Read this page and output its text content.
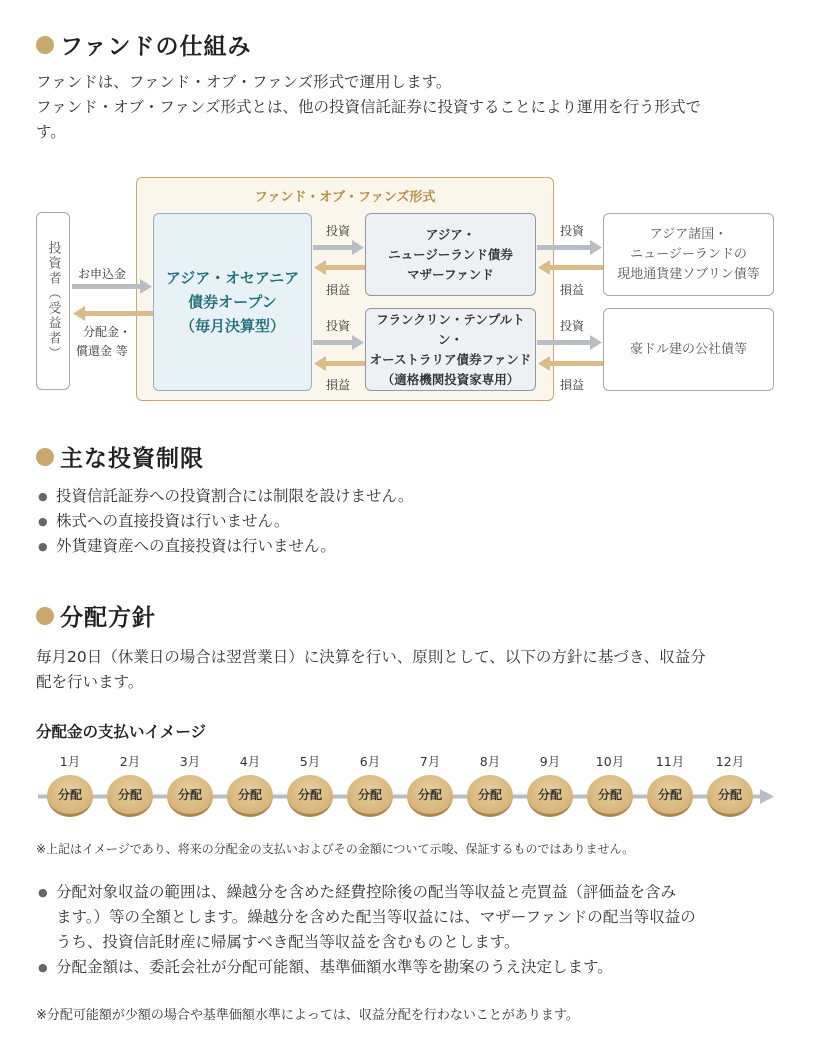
ファンドの仕組み
ファンドは、ファンド・オブ・ファンズ形式で運用します。
ファンド・オブ・ファンズ形式とは、他の投資信託証券に投資することにより運用を行う形式で
す。
ファンド・オブ・ファンズ形式
投資者（受益者）	アジア・オセアニア
債券オープン
（毎月決算型）
アジア・
ニュージーランド債券
マザーファンド
フランクリン・テンプルトン・
オーストラリア債券ファンド
（適格機関投資家専用）
アジア諸国・
ニュージーランドの
現地通貨建ソブリン債等
豪ドル建の公社債等
お申込金
分配金・
償還金 等
投資
損益
投資
損益
投資
損益
投資
損益
主な投資制限
● 投資信託証券への投資割合には制限を設けません。
● 株式への直接投資は行いません。
● 外貨建資産への直接投資は行いません。
分配方針
毎月20日（休業日の場合は翌営業日）に決算を行い、原則として、以下の方針に基づき、収益分
配を行います。
分配金の支払いイメージ
1月
分配
2月
分配
3月
分配
4月
分配
5月
分配
6月
分配
7月
分配
8月
分配
9月
分配
10月
分配
11月
分配
12月
分配
※上記はイメージであり、将来の分配金の支払いおよびその金額について示唆、保証するものではありません。
● 分配対象収益の範囲は、繰越分を含めた経費控除後の配当等収益と売買益（評価益を含み
ます。）等の全額とします。繰越分を含めた配当等収益には、マザーファンドの配当等収益の
うち、投資信託財産に帰属すべき配当等収益を含むものとします。
● 分配金額は、委託会社が分配可能額、基準価額水準等を勘案のうえ決定します。
※分配可能額が少額の場合や基準価額水準によっては、収益分配を行わないことがあります。
